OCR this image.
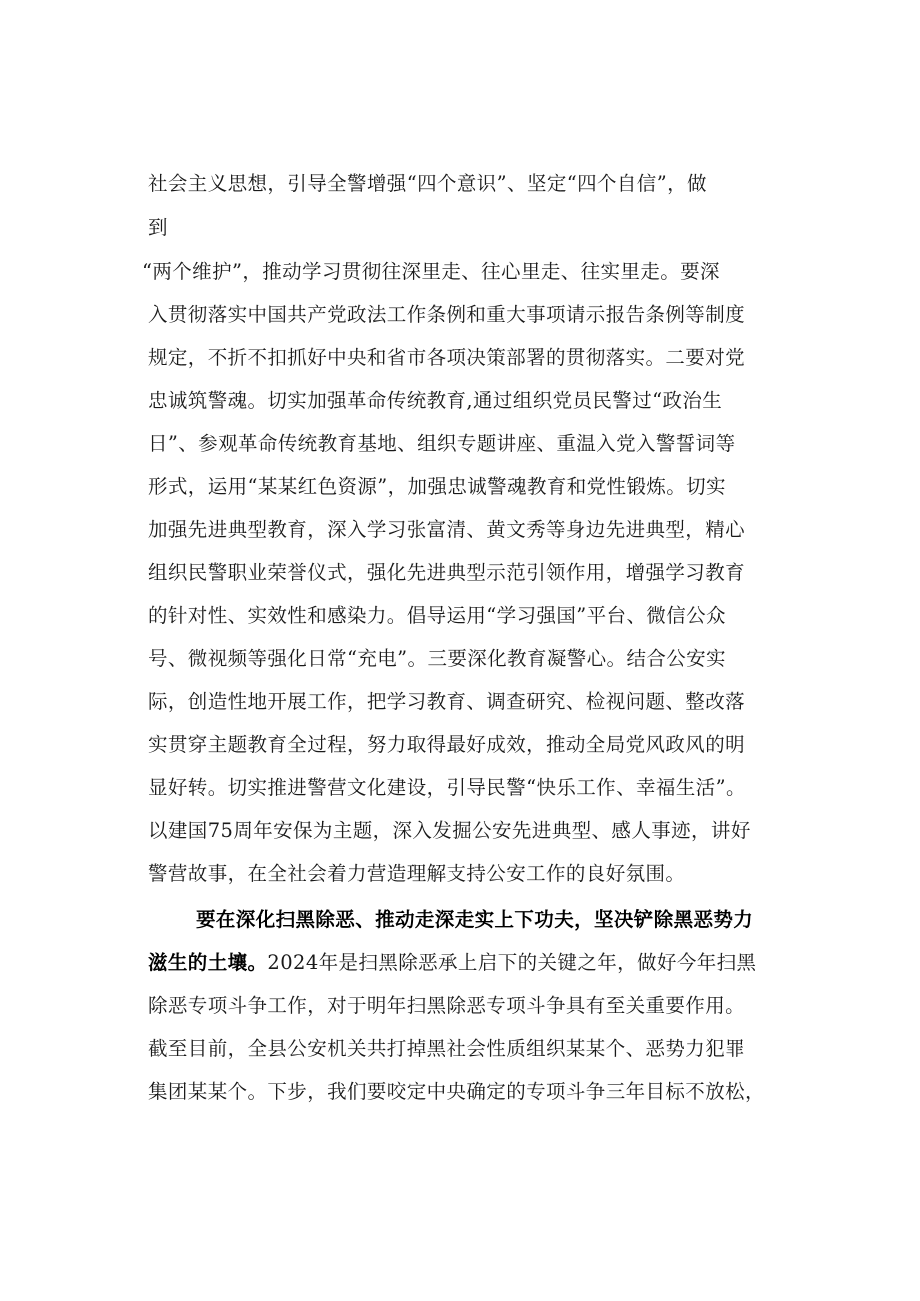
社会主义思想，引导全警增强“四个意识”、坚定“四个自信”，做
到
“两个维护”，推动学习贯彻往深里走、往心里走、往实里走。要深
入贯彻落实中国共产党政法工作条例和重大事项请示报告条例等制度
规定，不折不扣抓好中央和省市各项决策部署的贯彻落实。二要对党
忠诚筑警魂。切实加强革命传统教育,通过组织党员民警过“政治生
日”、参观革命传统教育基地、组织专题讲座、重温入党入警誓词等
形式，运用“某某红色资源”，加强忠诚警魂教育和党性锻炼。切实
加强先进典型教育，深入学习张富清、黄文秀等身边先进典型，精心
组织民警职业荣誉仪式，强化先进典型示范引领作用，增强学习教育
的针对性、实效性和感染力。倡导运用“学习强国”平台、微信公众
号、微视频等强化日常“充电”。三要深化教育凝警心。结合公安实
际，创造性地开展工作，把学习教育、调查研究、检视问题、整改落
实贯穿主题教育全过程，努力取得最好成效，推动全局党风政风的明
显好转。切实推进警营文化建设，引导民警“快乐工作、幸福生活”。
以建国75周年安保为主题，深入发掘公安先进典型、感人事迹，讲好
警营故事，在全社会着力营造理解支持公安工作的良好氛围。
要在深化扫黑除恶、推动走深走实上下功夫，坚决铲除黑恶势力
滋生的土壤。2024年是扫黑除恶承上启下的关键之年，做好今年扫黑
除恶专项斗争工作，对于明年扫黑除恶专项斗争具有至关重要作用。
截至目前，全县公安机关共打掉黑社会性质组织某某个、恶势力犯罪
集团某某个。下步，我们要咬定中央确定的专项斗争三年目标不放松，
